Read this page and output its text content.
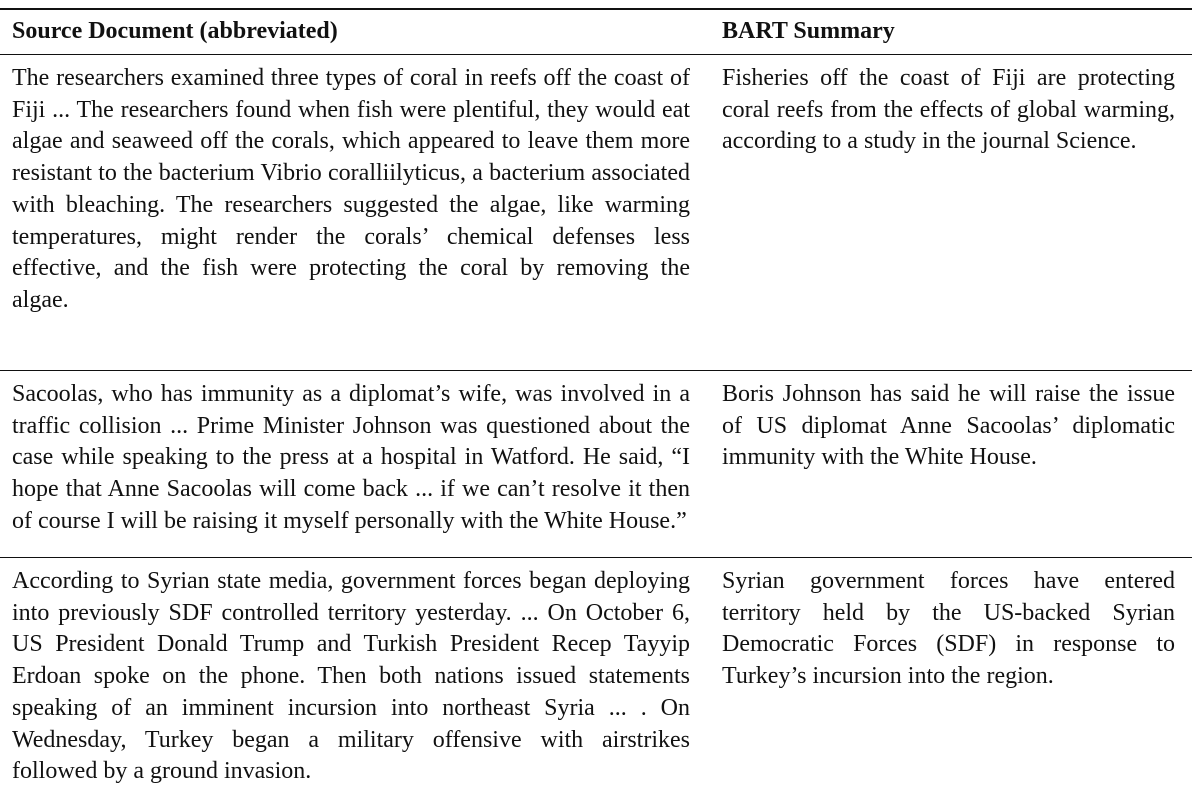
Source Document (abbreviated)	BART Summary
The researchers examined three types of coral in reefs off the coast of Fiji ... The researchers found when fish were plentiful, they would eat algae and seaweed off the corals, which appeared to leave them more resistant to the bacterium Vibrio coralliilyticus, a bacterium associated with bleaching. The researchers suggested the algae, like warming temperatures, might render the corals’ chemical defenses less effective, and the fish were protecting the coral by removing the algae.
Fisheries off the coast of Fiji are protecting coral reefs from the effects of global warming, according to a study in the journal Science.
Sacoolas, who has immunity as a diplomat’s wife, was involved in a traffic collision ... Prime Minister Johnson was questioned about the case while speaking to the press at a hospital in Watford. He said, “I hope that Anne Sacoolas will come back ... if we can’t resolve it then of course I will be raising it myself personally with the White House.”
Boris Johnson has said he will raise the issue of US diplomat Anne Sacoolas’ diplomatic immunity with the White House.
According to Syrian state media, government forces began deploying into previously SDF controlled territory yesterday. ... On October 6, US President Donald Trump and Turkish President Recep Tayyip Erdoan spoke on the phone. Then both nations issued statements speaking of an imminent incursion into northeast Syria ... . On Wednesday, Turkey began a military offensive with airstrikes followed by a ground invasion.
Syrian government forces have entered territory held by the US-backed Syrian Democratic Forces (SDF) in response to Turkey’s incursion into the region.
